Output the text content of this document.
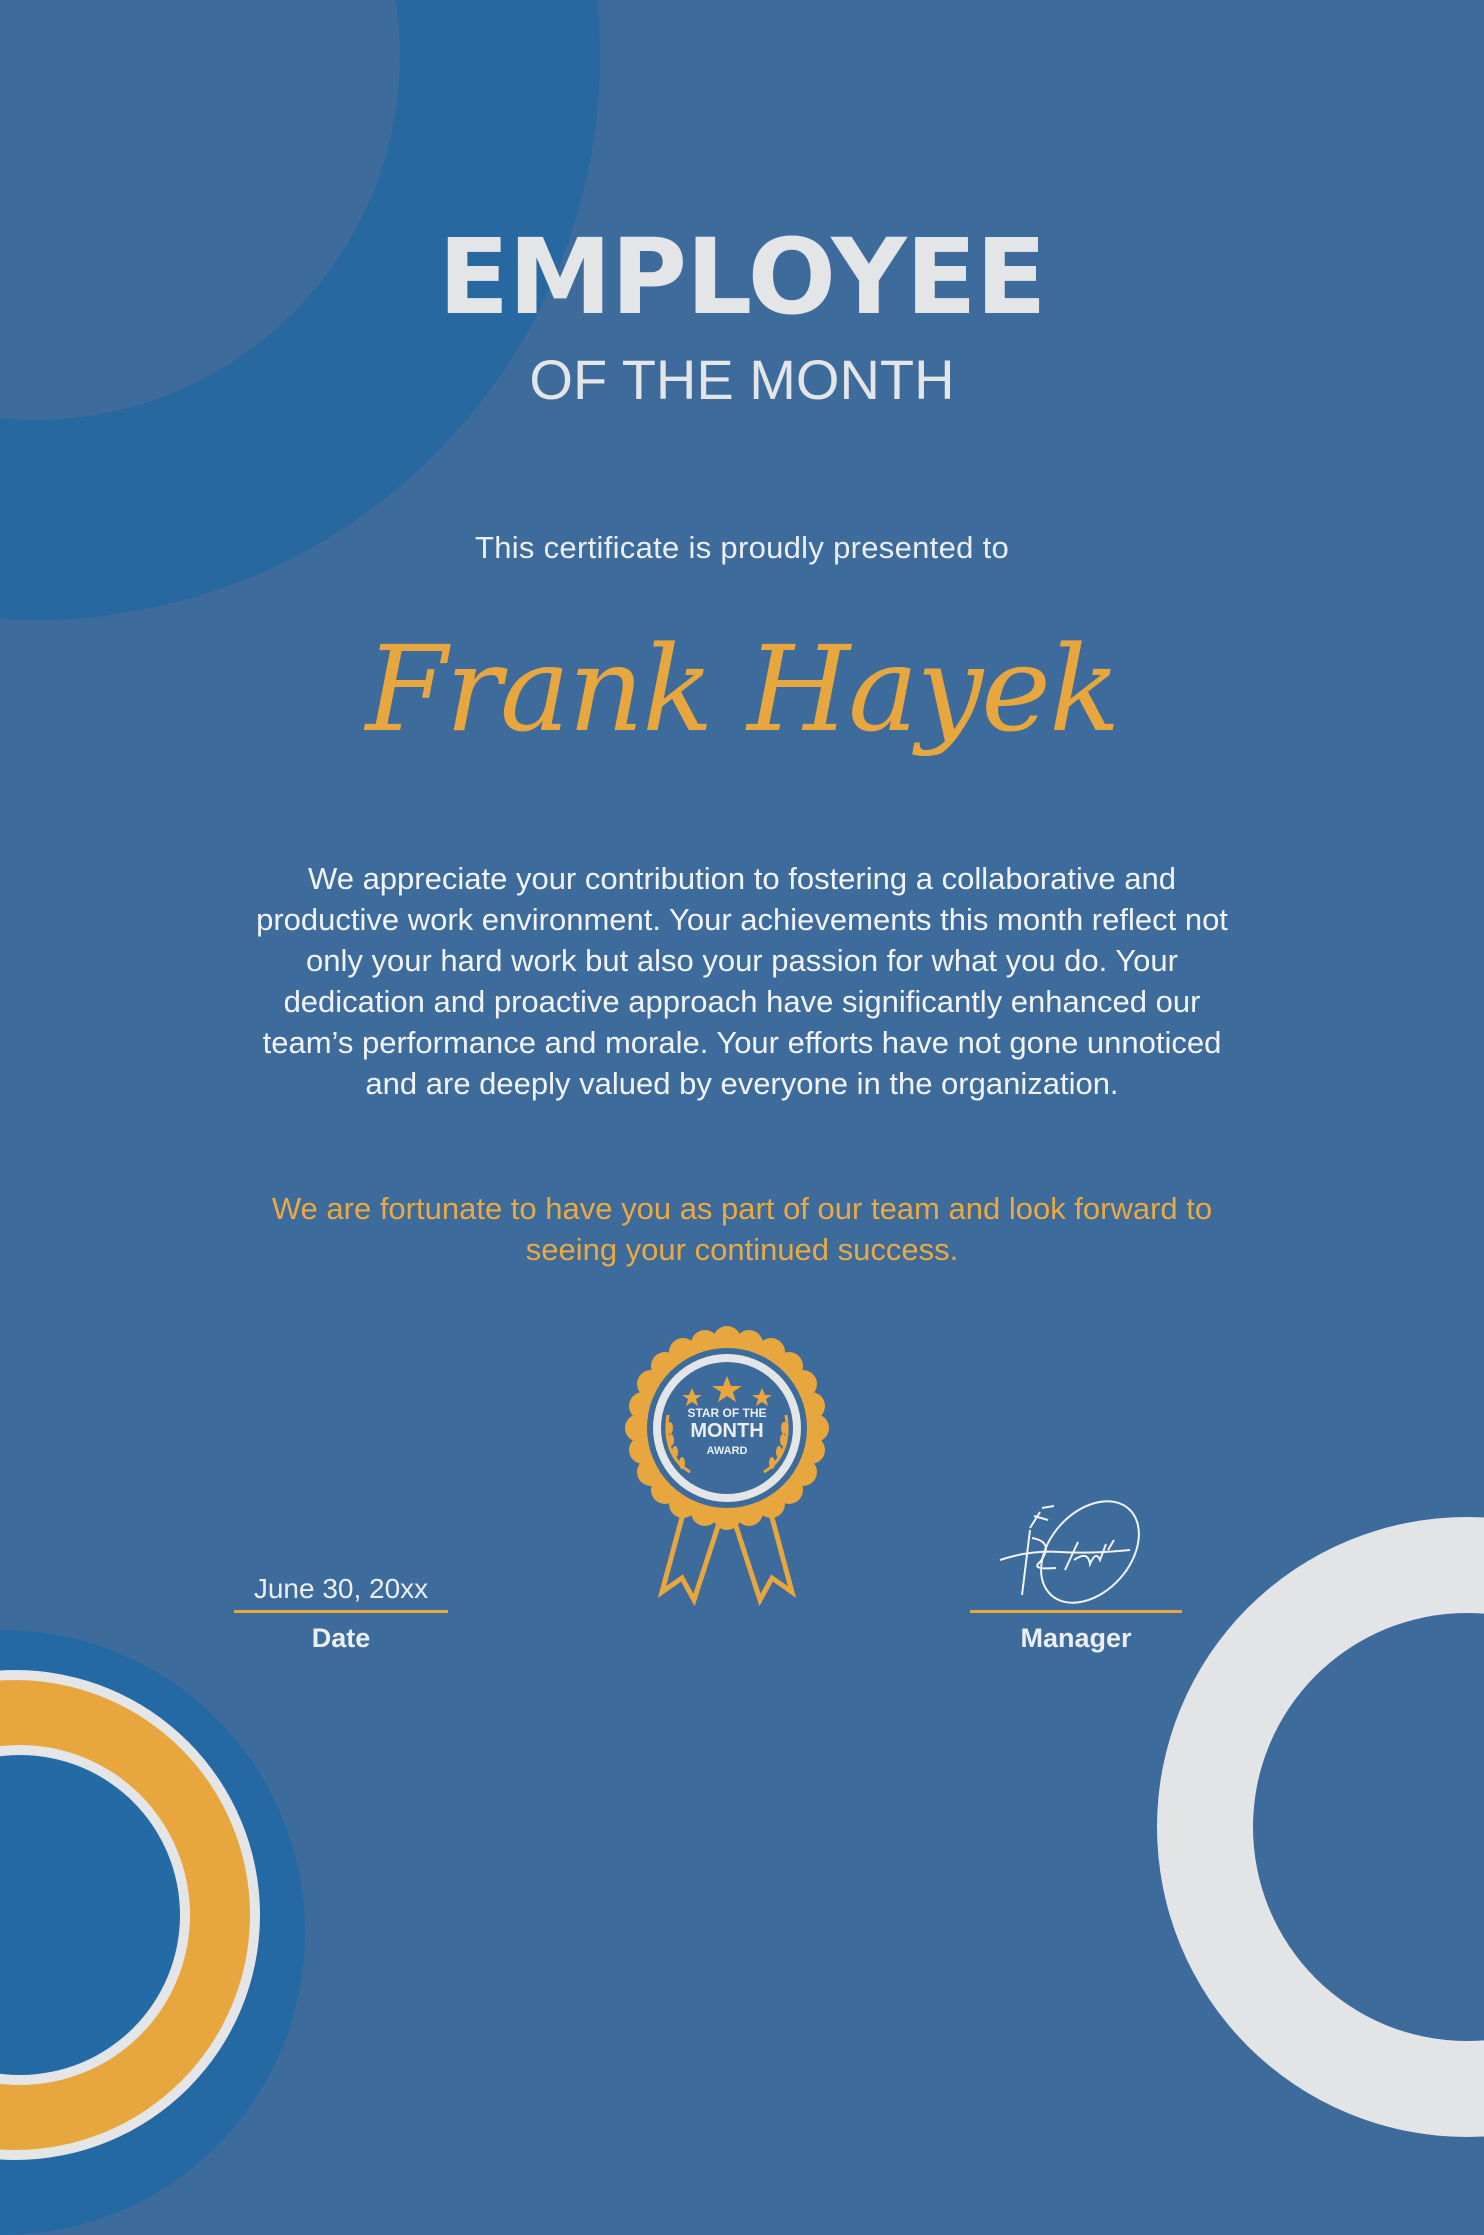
EMPLOYEE
OF THE MONTH
This certificate is proudly presented to
Frank Hayek
We appreciate your contribution to fostering a collaborative and productive work environment. Your achievements this month reflect not only your hard work but also your passion for what you do. Your dedication and proactive approach have significantly enhanced our team’s performance and morale. Your efforts have not gone unnoticed and are deeply valued by everyone in the organization.
We are fortunate to have you as part of our team and look forward to seeing your continued success.
STAR OF THE
MONTH
AWARD
June 30, 20xx
Date	Manager
